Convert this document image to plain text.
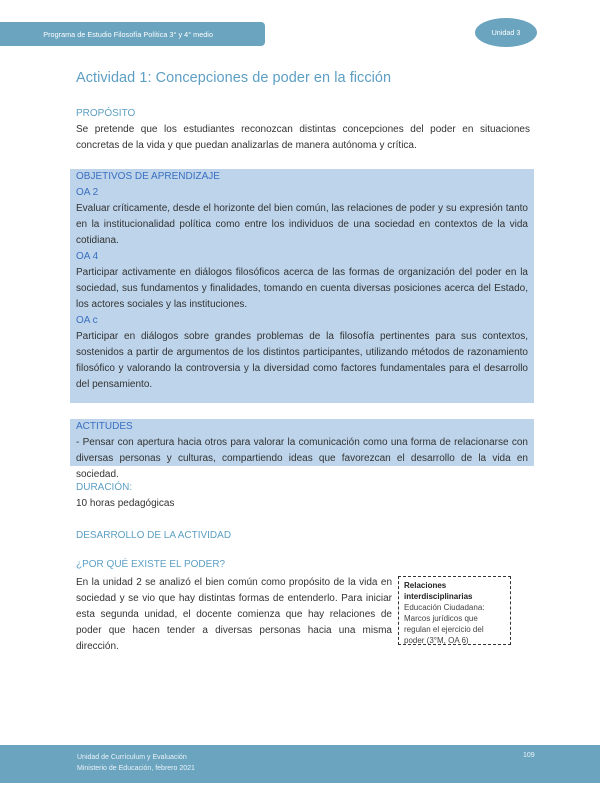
Programa de Estudio Filosofía Política 3° y 4° medio	Unidad 3
Actividad 1: Concepciones de poder en la ficción
PROPÓSITO
Se pretende que los estudiantes reconozcan distintas concepciones del poder en situaciones concretas de la vida y que puedan analizarlas de manera autónoma y crítica.
OBJETIVOS DE APRENDIZAJE
OA 2
Evaluar críticamente, desde el horizonte del bien común, las relaciones de poder y su expresión tanto en la institucionalidad política como entre los individuos de una sociedad en contextos de la vida cotidiana.
OA 4
Participar activamente en diálogos filosóficos acerca de las formas de organización del poder en la sociedad, sus fundamentos y finalidades, tomando en cuenta diversas posiciones acerca del Estado, los actores sociales y las instituciones.
OA c
Participar en diálogos sobre grandes problemas de la filosofía pertinentes para sus contextos, sostenidos a partir de argumentos de los distintos participantes, utilizando métodos de razonamiento filosófico y valorando la controversia y la diversidad como factores fundamentales para el desarrollo del pensamiento.
ACTITUDES
- Pensar con apertura hacia otros para valorar la comunicación como una forma de relacionarse con diversas personas y culturas, compartiendo ideas que favorezcan el desarrollo de la vida en sociedad.
DURACIÓN:
10 horas pedagógicas
DESARROLLO DE LA ACTIVIDAD
¿POR QUÉ EXISTE EL PODER?
En la unidad 2 se analizó el bien común como propósito de la vida en sociedad y se vio que hay distintas formas de entenderlo. Para iniciar esta segunda unidad, el docente comienza que hay relaciones de poder que hacen tender a diversas personas hacia una misma dirección.
Relaciones interdisciplinarias
Educación Ciudadana:
Marcos jurídicos que regulan el ejercicio del poder (3°M, OA 6)
Unidad de Currículum y Evaluación
Ministerio de Educación, febrero 2021
109
